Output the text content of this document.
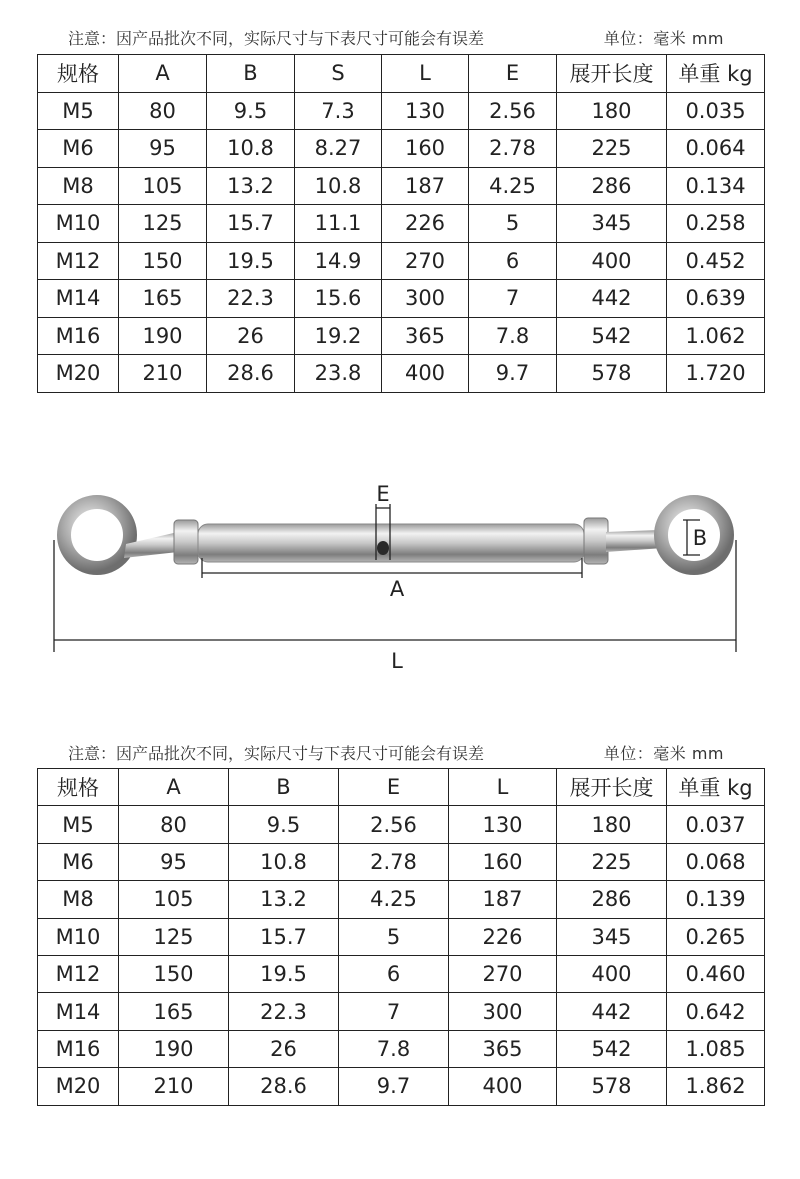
注意：因产品批次不同，实际尺寸与下表尺寸可能会有误差	单位：毫米 mm
规格	A	B	S	L	E	展开长度	单重 kg
M5	80	9.5	7.3	130	2.56	180	0.035
M6	95	10.8	8.27	160	2.78	225	0.064
M8	105	13.2	10.8	187	4.25	286	0.134
M10	125	15.7	11.1	226	5	345	0.258
M12	150	19.5	14.9	270	6	400	0.452
M14	165	22.3	15.6	300	7	442	0.639
M16	190	26	19.2	365	7.8	542	1.062
M20	210	28.6	23.8	400	9.7	578	1.720
E
A
B
L
注意：因产品批次不同，实际尺寸与下表尺寸可能会有误差	单位：毫米 mm
规格	A	B	E	L	展开长度	单重 kg
M5	80	9.5	2.56	130	180	0.037
M6	95	10.8	2.78	160	225	0.068
M8	105	13.2	4.25	187	286	0.139
M10	125	15.7	5	226	345	0.265
M12	150	19.5	6	270	400	0.460
M14	165	22.3	7	300	442	0.642
M16	190	26	7.8	365	542	1.085
M20	210	28.6	9.7	400	578	1.862
